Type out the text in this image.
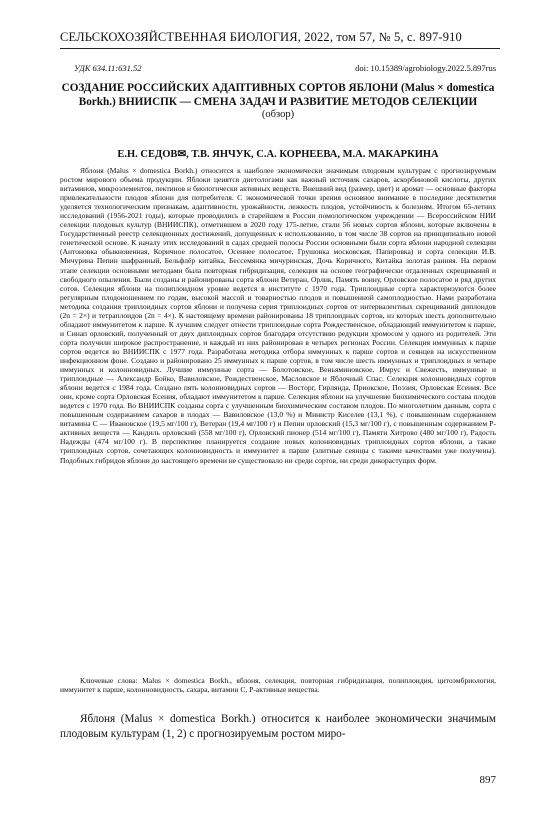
СЕЛЬСКОХОЗЯЙСТВЕННАЯ БИОЛОГИЯ, 2022, том 57, № 5, с. 897-910
УДК 634.11:631.52	doi: 10.15389/agrobiology.2022.5.897rus
СОЗДАНИЕ РОССИЙСКИХ АДАПТИВНЫХ СОРТОВ ЯБЛОНИ (Malus × domestica Borkh.) ВНИИСПК — СМЕНА ЗАДАЧ И РАЗВИТИЕ МЕТОДОВ СЕЛЕКЦИИ
(обзор)
Е.Н. СЕДОВ✉, Т.В. ЯНЧУК, С.А. КОРНЕЕВА, М.А. МАКАРКИНА

Яблоня (Malus × domestica Borkh.) относится к наиболее экономически значимым плодовым культурам с прогнозируемым ростом мирового объема продукции. Яблоки ценятся диетологами как важный источник сахаров, аскорбиновой кислоты, других витаминов, микроэлементов, пектинов и биологически активных веществ. Внешний вид (размер, цвет) и аромат — основные факторы привлекательности плодов яблони для потребителя. С экономической точки зрения основное внимание в последние десятилетия уделяется технологическим признакам, адаптивности, урожайности, лежкость плодов, устойчивость к болезням. Итогом 65-летних исследований (1956-2021 годы), которые проводились в старейшем в России помологическом учреждении — Всероссийском НИИ селекции плодовых культур (ВНИИСПК), отметившем в 2020 году 175-летие, стали 56 новых сортов яблони, которые включены в Государственный реестр селекционных достижений, допущенных к использованию, в том числе 38 сортов на принципиально новой генетической основе. К началу этих исследований в садах средней полосы России основными были сорта яблони народной селекции (Антоновка обыкновенная, Коричное полосатое, Осеннее полосатое, Грушовка московская, Папировка) и сорта селекции И.В. Мичурина Пепин шафранный, Бельфлёр китайка, Бессемянка мичуринская, Дочь Коричного, Китайка золотая ранняя. На первом этапе селекции основными методами была повторная гибридизация, селекция на основе географически отдаленных скрещиваний и свободного опыления. Были созданы и районированы сорта яблони Ветеран, Орлик, Память воину, Орловское полосатое и ряд других сотов. Селекция яблони на полиплоидном уровне ведется в институте с 1970 года. Триплоидные сорта характеризуются более регулярным плодоношением по годам, высокой массой и товарностью плодов и повышенной самоплодностью. Нами разработана методика создания триплоидных сортов яблони и получена серия триплоидных сортов от интервалентных скрещиваний диплоидов (2n = 2×) и тетраплоидов (2n = 4×). К настоящему времени районированы 18 триплоидных сортов, из которых шесть дополнительно обладают иммунитетом к парше. К лучшим следует отнести триплоидные сорта Рождественское, обладающий иммунитетом к парше, и Синап орловский, полученный от двух диплоидных сортов благодаря отсутствию редукции хромосом у одного из родителей. Эти сорта получили широкое распространение, и каждый из них районирован в четырех регионах России. Селекция иммунных к парше сортов ведется во ВНИИСПК с 1977 года. Разработана методика отбора иммунных к парше сортов и сеянцев на искусственном инфекционном фоне. Создано и районировано 25 иммунных к парше сортов, в том числе шесть иммунных и триплоидных и четыре иммунных и колонновидных. Лучшие иммунные сорта — Болотовское, Веньяминовское, Имрус и Свежесть, иммунные и триплоидные — Александр Бойко, Вавиловское, Рождественское, Масловское и Яблочный Спас. Селекция колонновидных сортов яблони ведется с 1984 года. Создано пять колонновидных сортов — Восторг, Гирлянда, Приокское, Поэзия, Орловская Есения. Все они, кроме сорта Орловская Есения, обладают иммунитетом к парше. Селекция яблони на улучшение биохимического состава плодов ведется с 1970 года. Во ВНИИСПК созданы сорта с улучшенным биохимическим составом плодов. По многолетним данным, сорта с повышенным содержанием сахаров в плодах — Вавиловское (13,0 %) и Министр Киселев (13,1 %), с повышенным содержанием витамина С — Ивановское (19,5 мг/100 г), Ветеран (19,4 мг/100 г) и Пепин орловский (15,3 мг/100 г), с повышенным содержанием Р-активных веществ — Кандиль орловский (558 мг/100 г), Орловский пионер (514 мг/100 г), Памяти Хитрово (480 мг/100 г), Радость Надежды (474 мг/100 г). В перспективе планируется создание новых колонновидных триплоидных сортов яблони, а также триплоидных сортов, сочетающих колонновидность и иммунитет к парше (элитные сеянцы с такими качествами уже получены). Подобных гибридов яблони до настоящего времени не существовало ни среди сортов, ни среди дикорастущих форм.

Ключевые слова: Malus × domestica Borkh., яблоня, селекция, повторная гибридизация, полиплоидия, цитоэмбриология, иммунитет к парше, колонновидность, сахара, витамин С, Р-активные вещества.

Яблоня (Malus × domestica Borkh.) относится к наиболее экономически значимым плодовым культурам (1, 2) с прогнозируемым ростом миро-

897
